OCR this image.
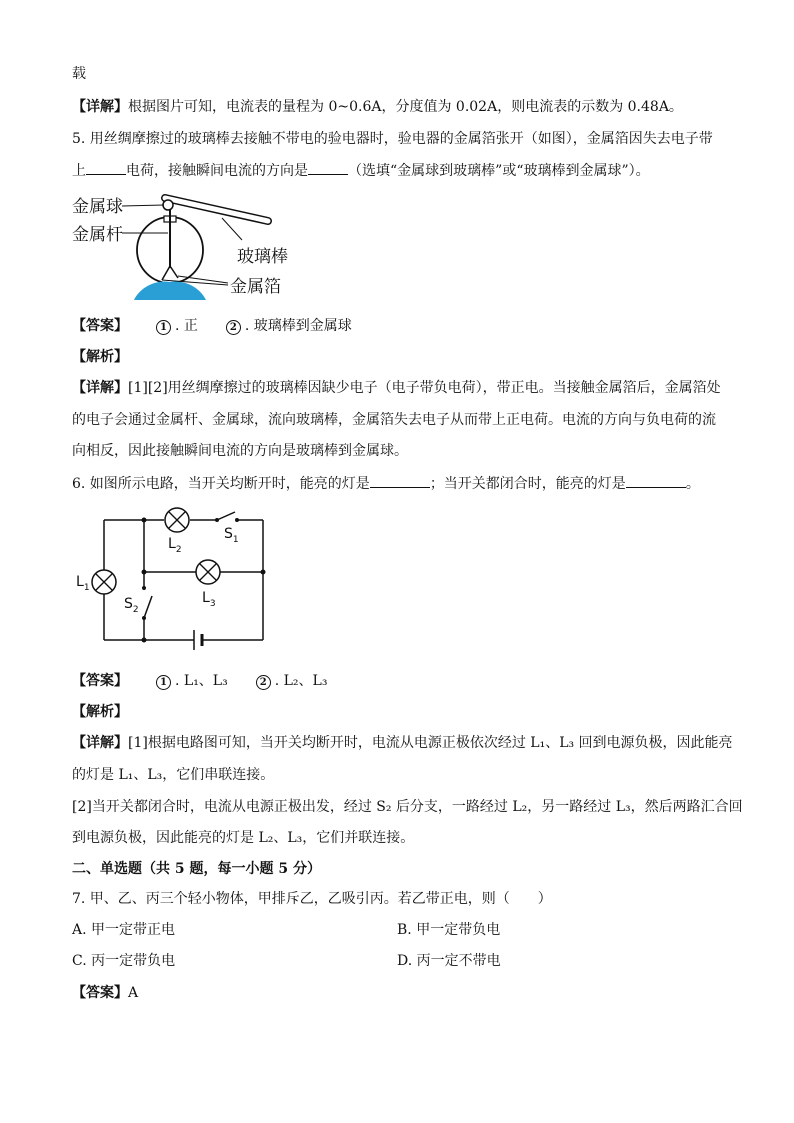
载
【详解】根据图片可知，电流表的量程为 0~0.6A，分度值为 0.02A，则电流表的示数为 0.48A。
5. 用丝绸摩擦过的玻璃棒去接触不带电的验电器时，验电器的金属箔张开（如图），金属箔因失去电子带
上	电荷，接触瞬间电流的方向是	（选填“金属球到玻璃棒”或“玻璃棒到金属球”）。
金属球
金属杆
玻璃棒
金属箔
【答案】	1 . 正	2 . 玻璃棒到金属球
【解析】
【详解】[1][2]用丝绸摩擦过的玻璃棒因缺少电子（电子带负电荷），带正电。当接触金属箔后，金属箔处
的电子会通过金属杆、金属球，流向玻璃棒，金属箔失去电子从而带上正电荷。电流的方向与负电荷的流
向相反，因此接触瞬间电流的方向是玻璃棒到金属球。
6. 如图所示电路，当开关均断开时，能亮的灯是	；当开关都闭合时，能亮的灯是	。
$L_2$
$S_1$
$L_3$
$L_1$
$S_2$
【答案】	1 . L₁、L₃	2 . L₂、L₃
【解析】
【详解】[1]根据电路图可知，当开关均断开时，电流从电源正极依次经过 L₁、L₃ 回到电源负极，因此能亮
的灯是 L₁、L₃，它们串联连接。
[2]当开关都闭合时，电流从电源正极出发，经过 S₂ 后分支，一路经过 L₂，另一路经过 L₃，然后两路汇合回
到电源负极，因此能亮的灯是 L₂、L₃，它们并联连接。
二、单选题（共 5 题，每一小题 5 分）
7. 甲、乙、丙三个轻小物体，甲排斥乙，乙吸引丙。若乙带正电，则（　　）
A. 甲一定带正电	B. 甲一定带负电
C. 丙一定带负电	D. 丙一定不带电
【答案】A
